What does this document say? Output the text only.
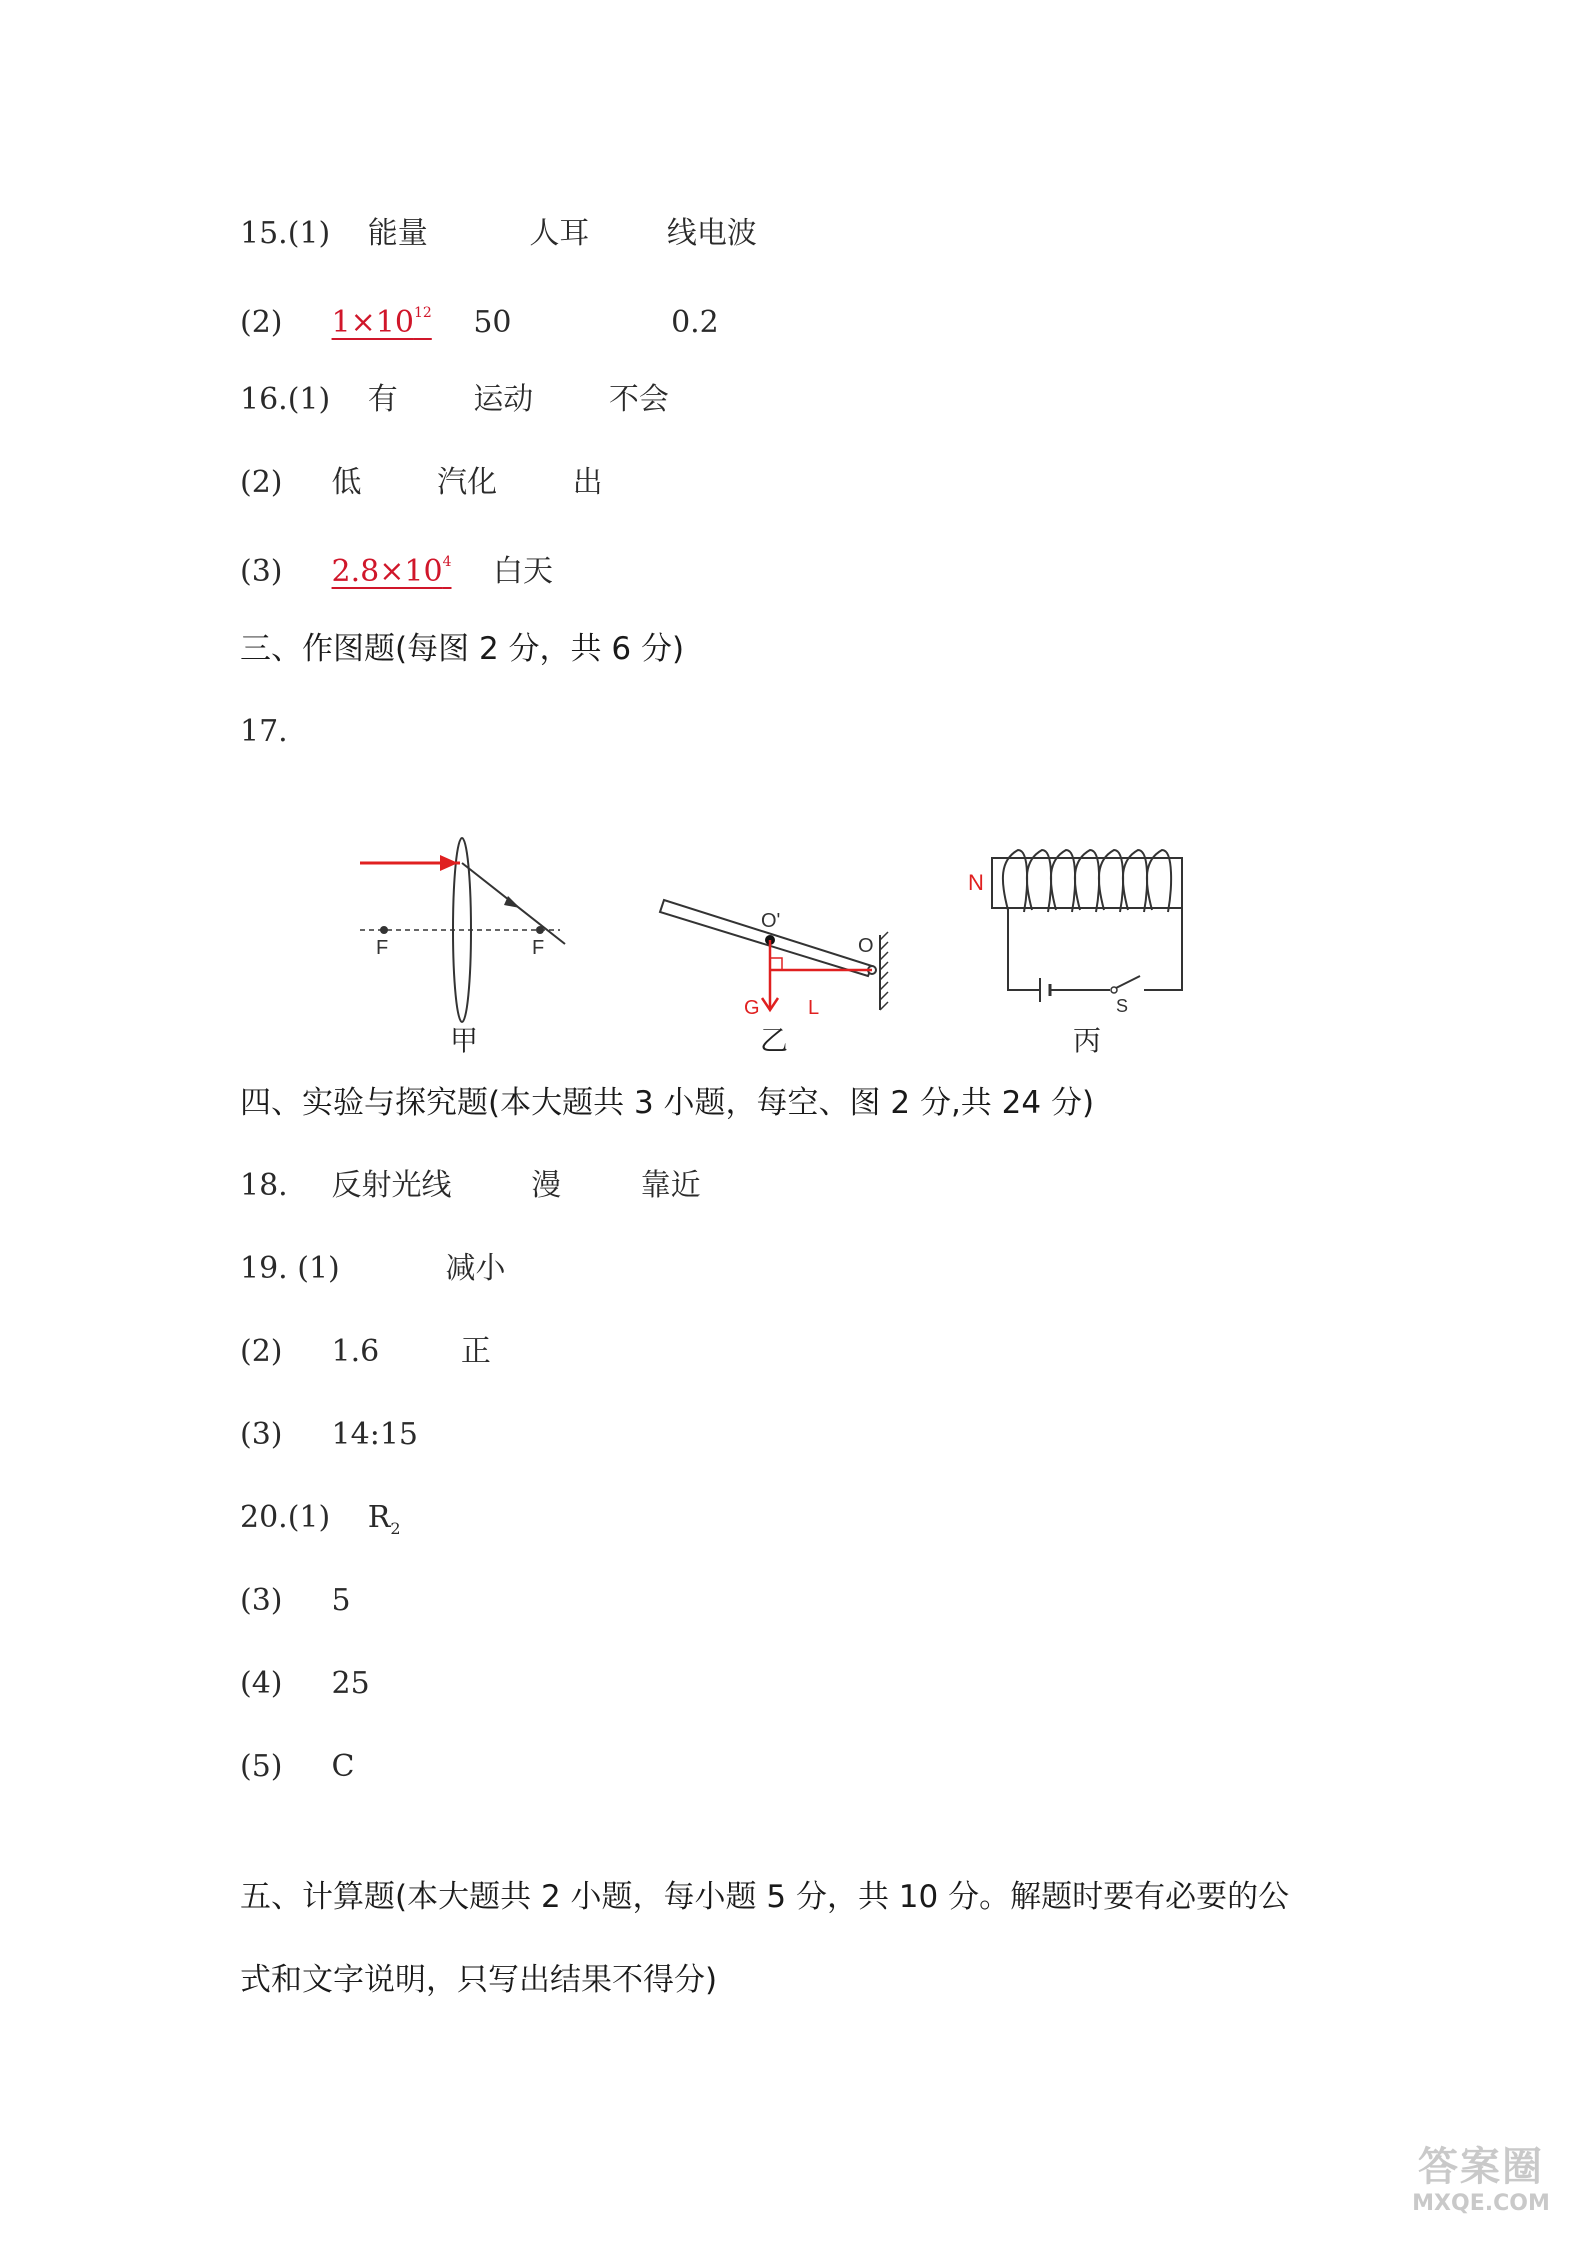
15.(1) 能量	人耳	线电波
(2) $1\times 10^{12}$ 50	0.2
16.(1) 有	运动	不会
(2) 低	汽化	出
(3) $2.8\times 10^4$ 白天
三、作图题(每图 2 分，共 6 分)
17.
F	F
甲
O
O'
G L
乙
N
S
丙
四、实验与探究题(本大题共 3 小题，每空、图 2 分,共 24 分)
18. 反射光线	漫	靠近
19. (1)	减小
(2) 1.6	正
(3) 14:15
20.(1) $R_2$
(3) 5
(4) 25
(5) C
五、计算题(本大题共 2 小题，每小题 5 分，共 10 分。解题时要有必要的公
式和文字说明，只写出结果不得分)
答案圈
MXQE.COM
